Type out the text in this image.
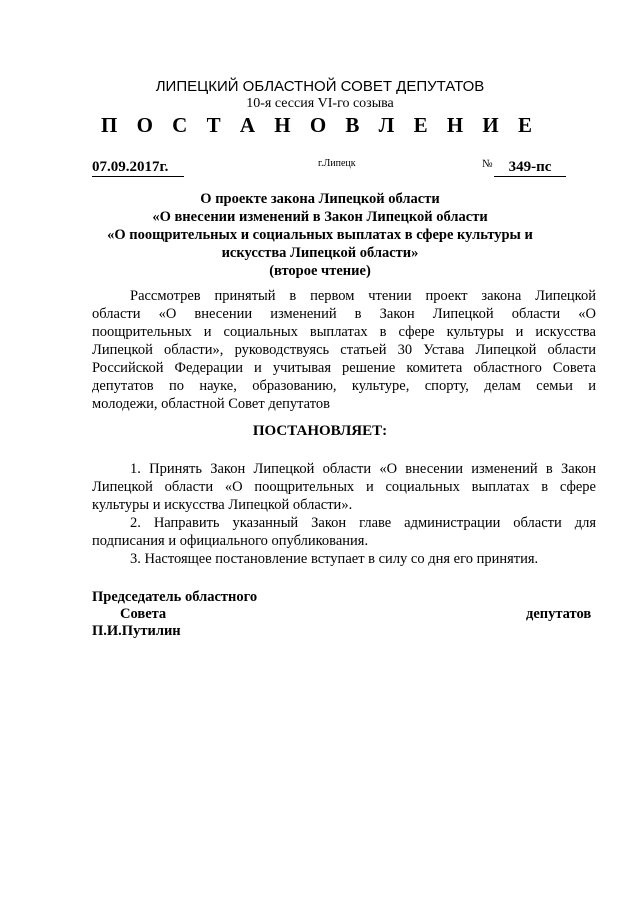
ЛИПЕЦКИЙ ОБЛАСТНОЙ СОВЕТ ДЕПУТАТОВ
10-я сессия VI-го созыва
П О С Т А Н О В Л Е Н И Е
07.09.2017г.	г.Липецк	№	349-пс
О проекте закона Липецкой области
«О внесении изменений в Закон Липецкой области
«О поощрительных и социальных выплатах в сфере культуры и
искусства Липецкой области»
(второе чтение)
Рассмотрев принятый в первом чтении проект закона Липецкой
области «О внесении изменений в Закон Липецкой области «О
поощрительных и социальных выплатах в сфере культуры и искусства
Липецкой области», руководствуясь статьей 30 Устава Липецкой области
Российской Федерации и учитывая решение комитета областного Совета
депутатов по науке, образованию, культуре, спорту, делам семьи и
молодежи, областной Совет депутатов
ПОСТАНОВЛЯЕТ:
1. Принять Закон Липецкой области «О внесении изменений в Закон
Липецкой области «О поощрительных и социальных выплатах в сфере
культуры и искусства Липецкой области».
2. Направить указанный Закон главе администрации области для
подписания и официального опубликования.
3. Настоящее постановление вступает в силу со дня его принятия.
Председатель областного
Совета	депутатов
П.И.Путилин
